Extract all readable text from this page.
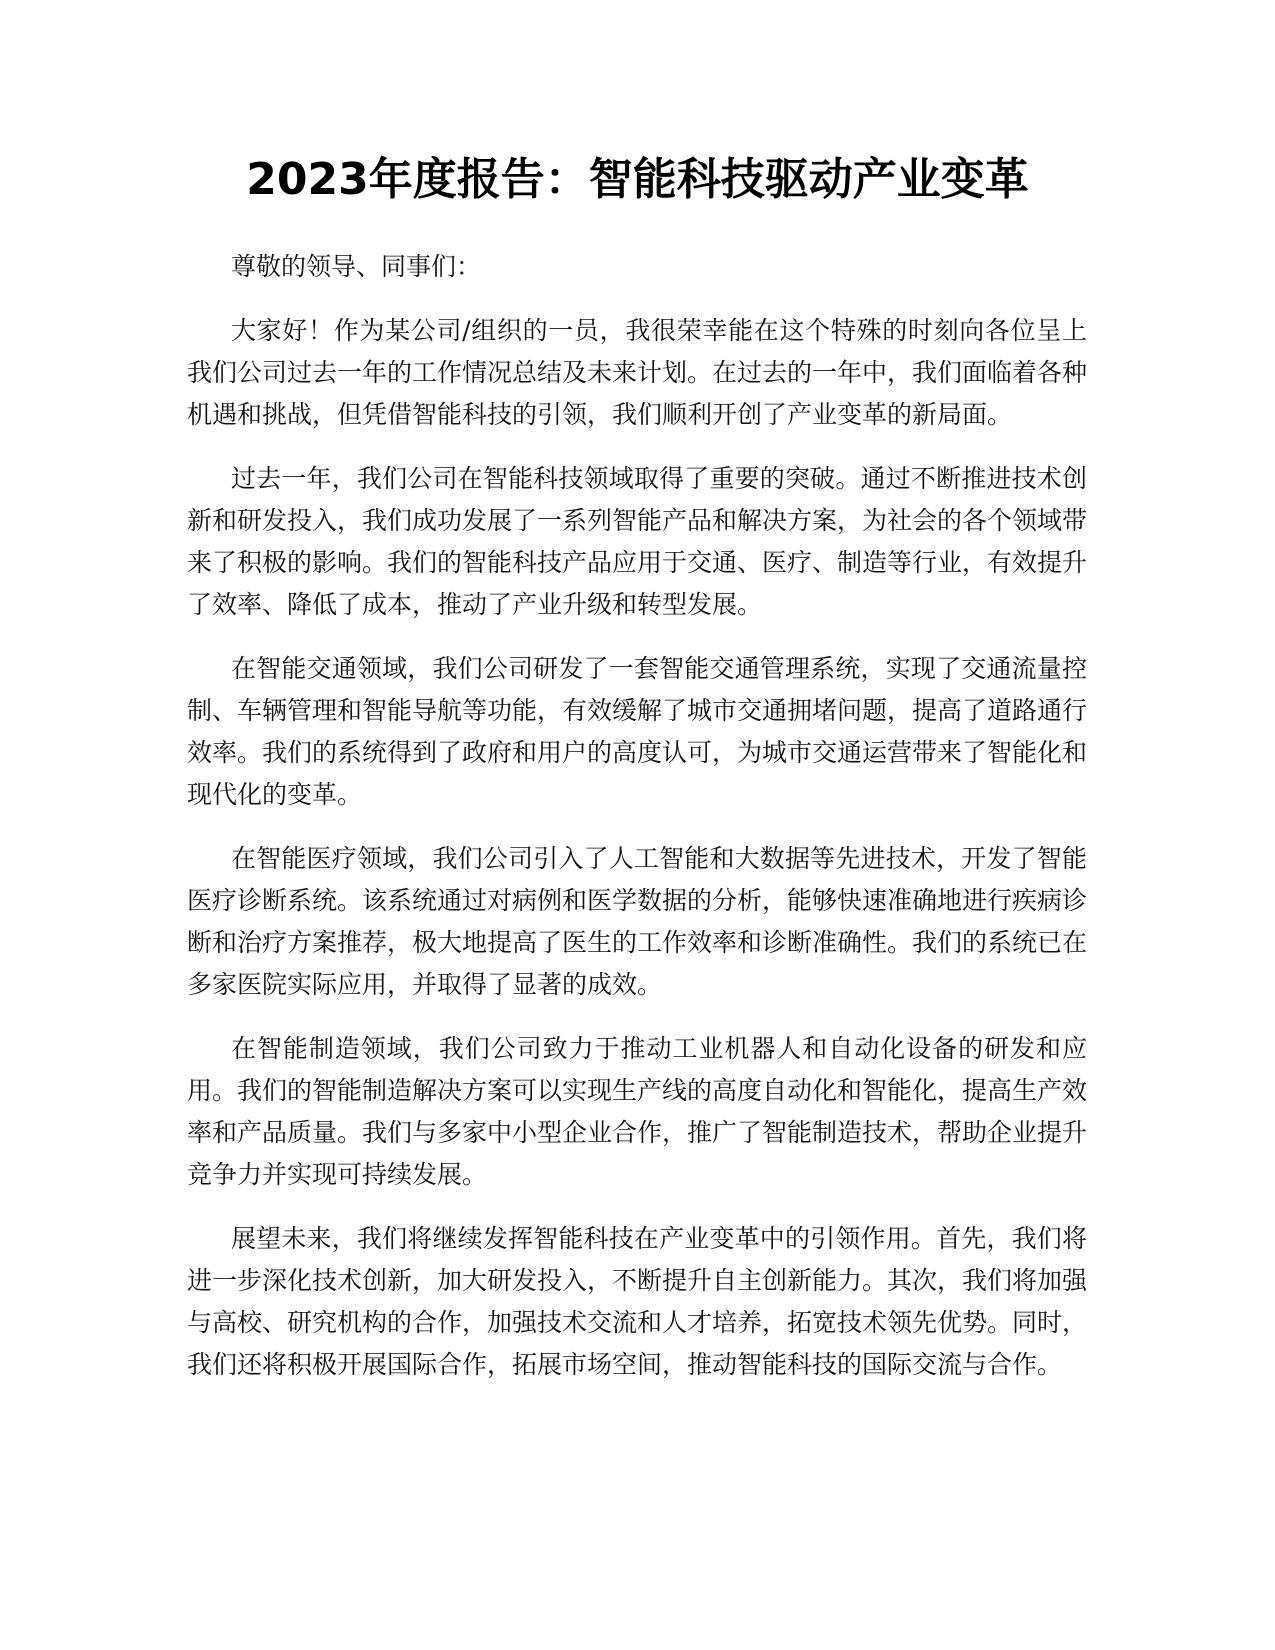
2023年度报告：智能科技驱动产业变革

尊敬的领导、同事们：

大家好！作为某公司/组织的一员，我很荣幸能在这个特殊的时刻向各位呈上我们公司过去一年的工作情况总结及未来计划。在过去的一年中，我们面临着各种机遇和挑战，但凭借智能科技的引领，我们顺利开创了产业变革的新局面。

过去一年，我们公司在智能科技领域取得了重要的突破。通过不断推进技术创新和研发投入，我们成功发展了一系列智能产品和解决方案，为社会的各个领域带来了积极的影响。我们的智能科技产品应用于交通、医疗、制造等行业，有效提升了效率、降低了成本，推动了产业升级和转型发展。

在智能交通领域，我们公司研发了一套智能交通管理系统，实现了交通流量控制、车辆管理和智能导航等功能，有效缓解了城市交通拥堵问题，提高了道路通行效率。我们的系统得到了政府和用户的高度认可，为城市交通运营带来了智能化和现代化的变革。

在智能医疗领域，我们公司引入了人工智能和大数据等先进技术，开发了智能医疗诊断系统。该系统通过对病例和医学数据的分析，能够快速准确地进行疾病诊断和治疗方案推荐，极大地提高了医生的工作效率和诊断准确性。我们的系统已在多家医院实际应用，并取得了显著的成效。

在智能制造领域，我们公司致力于推动工业机器人和自动化设备的研发和应用。我们的智能制造解决方案可以实现生产线的高度自动化和智能化，提高生产效率和产品质量。我们与多家中小型企业合作，推广了智能制造技术，帮助企业提升竞争力并实现可持续发展。

展望未来，我们将继续发挥智能科技在产业变革中的引领作用。首先，我们将进一步深化技术创新，加大研发投入，不断提升自主创新能力。其次，我们将加强与高校、研究机构的合作，加强技术交流和人才培养，拓宽技术领先优势。同时，我们还将积极开展国际合作，拓展市场空间，推动智能科技的国际交流与合作。
